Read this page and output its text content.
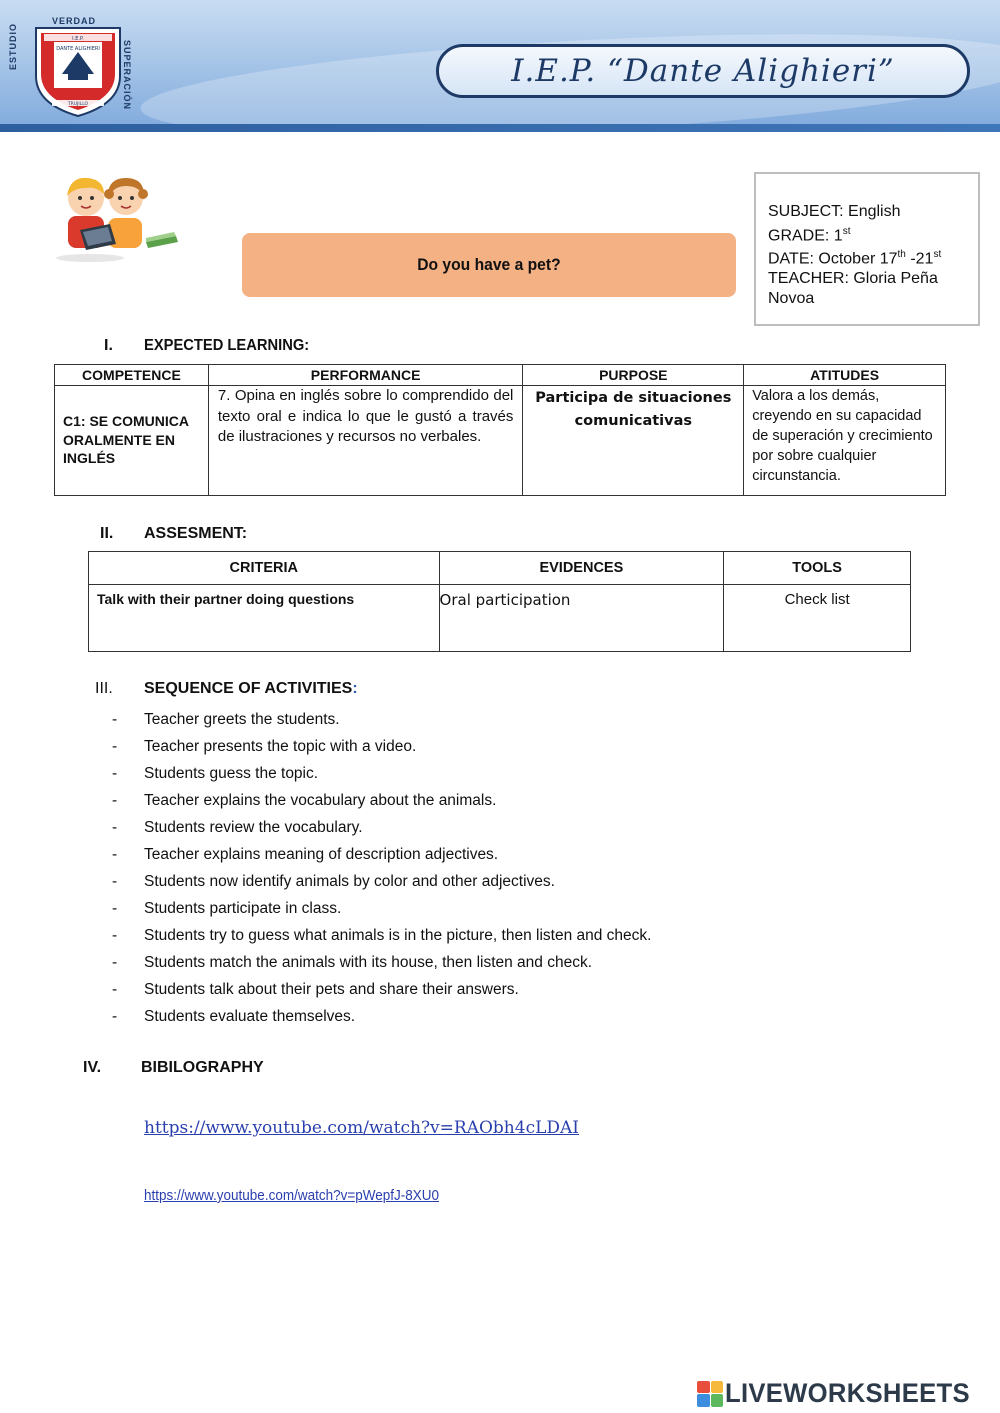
VERDAD
ESTUDIO	SUPERACIÓN
I.E.P.
DANTE ALIGHIERI
TRUJILLO
I.E.P. “Dante Alighieri”
Do you have a pet?
SUBJECT: English
GRADE: 1st
DATE: October 17th -21st
TEACHER: Gloria Peña Novoa
I.	EXPECTED LEARNING:
COMPETENCE	PERFORMANCE	PURPOSE	ATITUDES
C1: SE COMUNICA ORALMENTE EN INGLÉS	7. Opina en inglés sobre lo comprendido del texto oral e indica lo que le gustó a través de ilustraciones y recursos no verbales.	Participa de situaciones comunicativas	Valora a los demás, creyendo en su capacidad de superación y crecimiento por sobre cualquier circunstancia.
II.	ASSESMENT:
CRITERIA	EVIDENCES	TOOLS
Talk with their partner doing questions	Oral participation	Check list
III.	SEQUENCE OF ACTIVITIES:
-	Teacher greets the students.
-	Teacher presents the topic with a video.
-	Students guess the topic.
-	Teacher explains the vocabulary about the animals.
-	Students review the vocabulary.
-	Teacher explains meaning of description adjectives.
-	Students now identify animals by color and other adjectives.
-	Students participate in class.
-	Students try to guess what animals is in the picture, then listen and check.
-	Students match the animals with its house, then listen and check.
-	Students talk about their pets and share their answers.
-	Students evaluate themselves.
IV.	BIBILOGRAPHY
https://www.youtube.com/watch?v=RAObh4cLDAI
https://www.youtube.com/watch?v=pWepfJ-8XU0
LIVEWORKSHEETS
